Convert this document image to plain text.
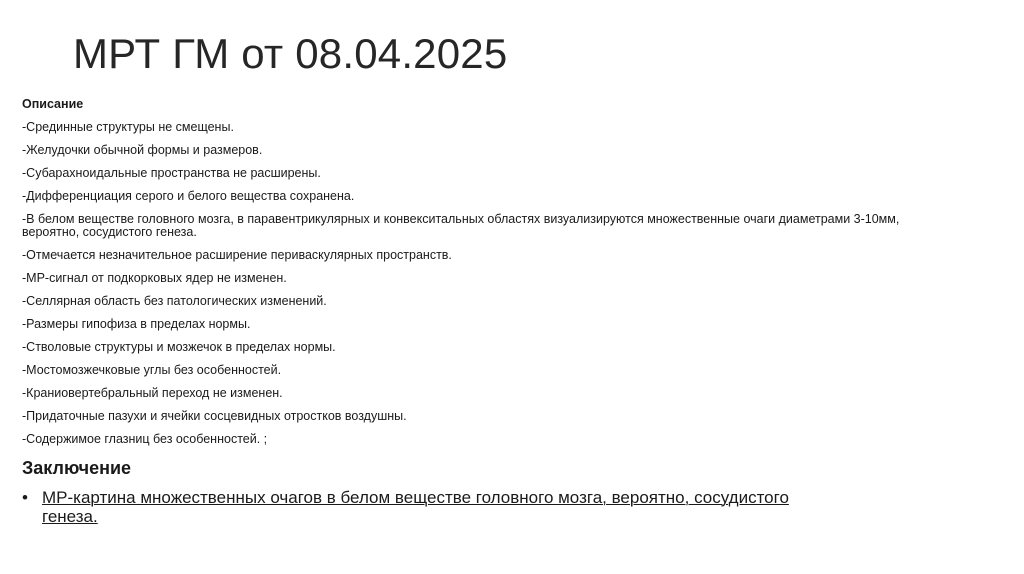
МРТ ГМ от 08.04.2025
Описание
-Срединные структуры не смещены.
-Желудочки обычной формы и размеров.
-Субарахноидальные пространства не расширены.
-Дифференциация серого и белого вещества сохранена.
-В белом веществе головного мозга, в паравентрикулярных и конвекситальных областях визуализируются множественные очаги диаметрами 3-10мм, вероятно, сосудистого генеза.
-Отмечается незначительное расширение периваскулярных пространств.
-МР-сигнал от подкорковых ядер не изменен.
-Селлярная область без патологических изменений.
-Размеры гипофиза в пределах нормы.
-Стволовые структуры и мозжечок в пределах нормы.
-Мостомозжечковые углы без особенностей.
-Краниовертебральный переход не изменен.
-Придаточные пазухи и ячейки сосцевидных отростков воздушны.
-Содержимое глазниц без особенностей. ;
Заключение
• МР-картина множественных очагов в белом веществе головного мозга, вероятно, сосудистого генеза.
